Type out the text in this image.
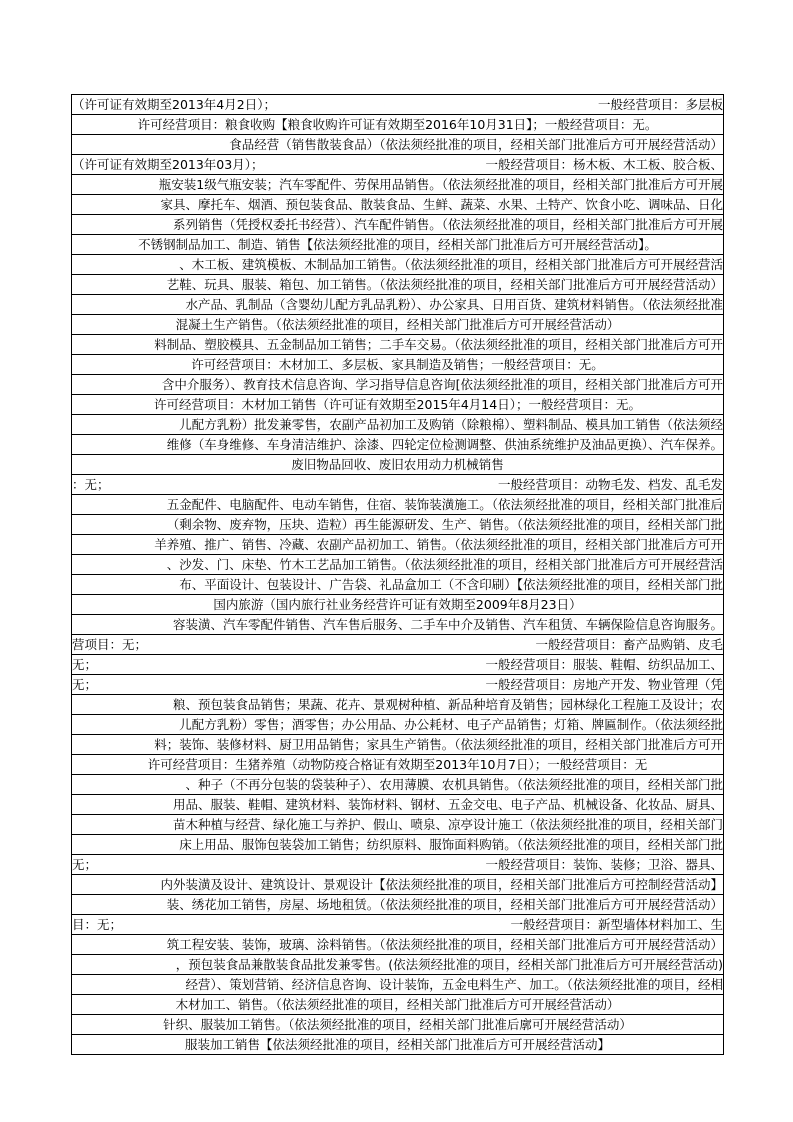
（许可证有效期至2013年4月2日）；	一般经营项目：多层板
许可经营项目：粮食收购【粮食收购许可证有效期至2016年10月31日】；一般经营项目：无。
食品经营（销售散装食品）（依法须经批准的项目，经相关部门批准后方可开展经营活动）
（许可证有效期至2013年03月）；	一般经营项目：杨木板、木工板、胶合板、
瓶安装1级气瓶安装；汽车零配件、劳保用品销售。（依法须经批准的项目，经相关部门批准后方可开展
家具、摩托车、烟酒、预包装食品、散装食品、生鲜、蔬菜、水果、土特产、饮食小吃、调味品、日化
系列销售（凭授权委托书经营）、汽车配件销售。（依法须经批准的项目，经相关部门批准后方可开展
不锈钢制品加工、制造、销售【依法须经批准的项目，经相关部门批准后方可开展经营活动】。
、木工板、建筑模板、木制品加工销售。（依法须经批准的项目，经相关部门批准后方可开展经营活
艺鞋、玩具、服装、箱包、加工销售。（依法须经批准的项目，经相关部门批准后方可开展经营活动）
水产品、乳制品（含婴幼儿配方乳品乳粉）、办公家具、日用百货、建筑材料销售。（依法须经批准
混凝土生产销售。（依法须经批准的项目，经相关部门批准后方可开展经营活动）
料制品、塑胶模具、五金制品加工销售；二手车交易。（依法须经批准的项目，经相关部门批准后方可开
许可经营项目：木材加工、多层板、家具制造及销售；一般经营项目：无。
含中介服务）、教育技术信息咨询、学习指导信息咨询[依法须经批准的项目，经相关部门批准后方可开
许可经营项目：木材加工销售（许可证有效期至2015年4月14日）；一般经营项目：无。
儿配方乳粉）批发兼零售，农副产品初加工及购销（除粮棉）、塑料制品、模具加工销售（依法须经
维修（车身维修、车身清洁维护、涂漆、四轮定位检测调整、供油系统维护及油品更换）、汽车保养。
废旧物品回收、废旧农用动力机械销售
：无；	一般经营项目：动物毛发、档发、乱毛发
五金配件、电脑配件、电动车销售，住宿、装饰装潢施工。（依法须经批准的项目，经相关部门批准后
（剩余物、废弃物，压块、造粒）再生能源研发、生产、销售。（依法须经批准的项目，经相关部门批
羊养殖、推广、销售、冷藏、农副产品初加工、销售。（依法须经批准的项目，经相关部门批准后方可开
、沙发、门、床垫、竹木工艺品加工销售。（依法须经批准的项目，经相关部门批准后方可开展经营活
布、平面设计、包装设计、广告袋、礼品盒加工（不含印刷）【依法须经批准的项目，经相关部门批
国内旅游（国内旅行社业务经营许可证有效期至2009年8月23日）
容装潢、汽车零配件销售、汽车售后服务、二手车中介及销售、汽车租赁、车辆保险信息咨询服务。
营项目：无；	一般经营项目：畜产品购销、皮毛
无；	一般经营项目：服装、鞋帽、纺织品加工、
无；	一般经营项目：房地产开发、物业管理（凭
粮、预包装食品销售；果蔬、花卉、景观树种植、新品种培育及销售；园林绿化工程施工及设计；农
儿配方乳粉）零售；酒零售；办公用品、办公耗材、电子产品销售；灯箱、牌匾制作。（依法须经批
料；装饰、装修材料、厨卫用品销售；家具生产销售。（依法须经批准的项目，经相关部门批准后方可开
许可经营项目：生猪养殖（动物防疫合格证有效期至2013年10月7日）；一般经营项目：无
、种子（不再分包装的袋装种子）、农用薄膜、农机具销售。（依法须经批准的项目，经相关部门批
用品、服装、鞋帽、建筑材料、装饰材料、钢材、五金交电、电子产品、机械设备、化妆品、厨具、
苗木种植与经营、绿化施工与养护、假山、喷泉、凉亭设计施工（依法须经批准的项目，经相关部门
床上用品、服饰包装袋加工销售；纺织原料、服饰面料购销。（依法须经批准的项目，经相关部门批
无；	一般经营项目：装饰、装修；卫浴、器具、
内外装潢及设计、建筑设计、景观设计【依法须经批准的项目，经相关部门批准后方可控制经营活动】
装、绣花加工销售，房屋、场地租赁。（依法须经批准的项目，经相关部门批准后方可开展经营活动）
目：无；	一般经营项目：新型墙体材料加工、生
筑工程安装、装饰，玻璃、涂料销售。（依法须经批准的项目，经相关部门批准后方可开展经营活动）
，预包装食品兼散装食品批发兼零售。(依法须经批准的项目，经相关部门批准后方可开展经营活动)
经营）、策划营销、经济信息咨询、设计装饰，五金电料生产、加工。（依法须经批准的项目，经相
木材加工、销售。（依法须经批准的项目，经相关部门批准后方可开展经营活动）
针织、服装加工销售。（依法须经批准的项目，经相关部门批准后廓可开展经营活动）
服装加工销售【依法须经批准的项目，经相关部门批准后方可开展经营活动】
